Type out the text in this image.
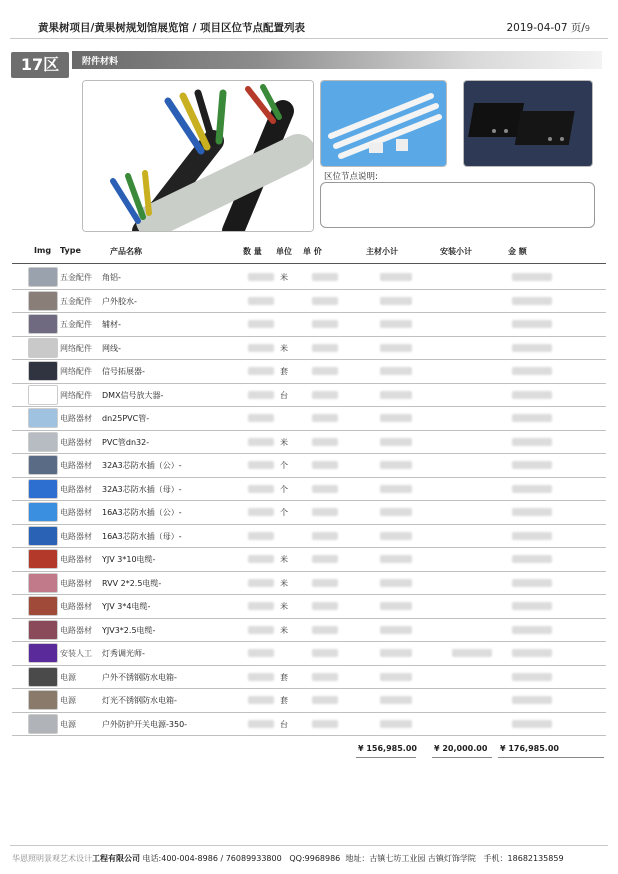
黄果树项目/黄果树规划馆展览馆 / 项目区位节点配置列表	2019-04-07 页/9
17区	附件材料
区位节点说明:
Img Type	产品名称	数 量 单位 单 价	主材小计	安装小计	金 额
五金配件 角铝-	米
五金配件 户外胶水-
五金配件 辅材-
网络配件 网线-	米
网络配件 信号拓展器-	套
网络配件 DMX信号放大器-	台
电路器材 dn25PVC管-
电路器材 PVC管dn32-	米
电路器材 32A3芯防水插（公）-	个
电路器材 32A3芯防水插（母）-	个
电路器材 16A3芯防水插（公）-	个
电路器材 16A3芯防水插（母）-
电路器材 YJV 3*10电缆-	米
电路器材 RVV 2*2.5电缆-	米
电路器材 YJV 3*4电缆-	米
电路器材 YJV3*2.5电缆-	米
安装人工 灯秀调光师-
电源	户外不锈钢防水电箱-	套
电源	灯光不锈钢防水电箱-	套
电源	户外防护开关电源-350-	台
¥ 156,985.00 ¥ 20,000.00 ¥ 176,985.00
华恩照明景观艺术设计工程有限公司 电话:400-004-8986 / 76089933800 QQ:9968986 地址：古镇七坊工业园 古镇灯饰学院 手机：18682135859
